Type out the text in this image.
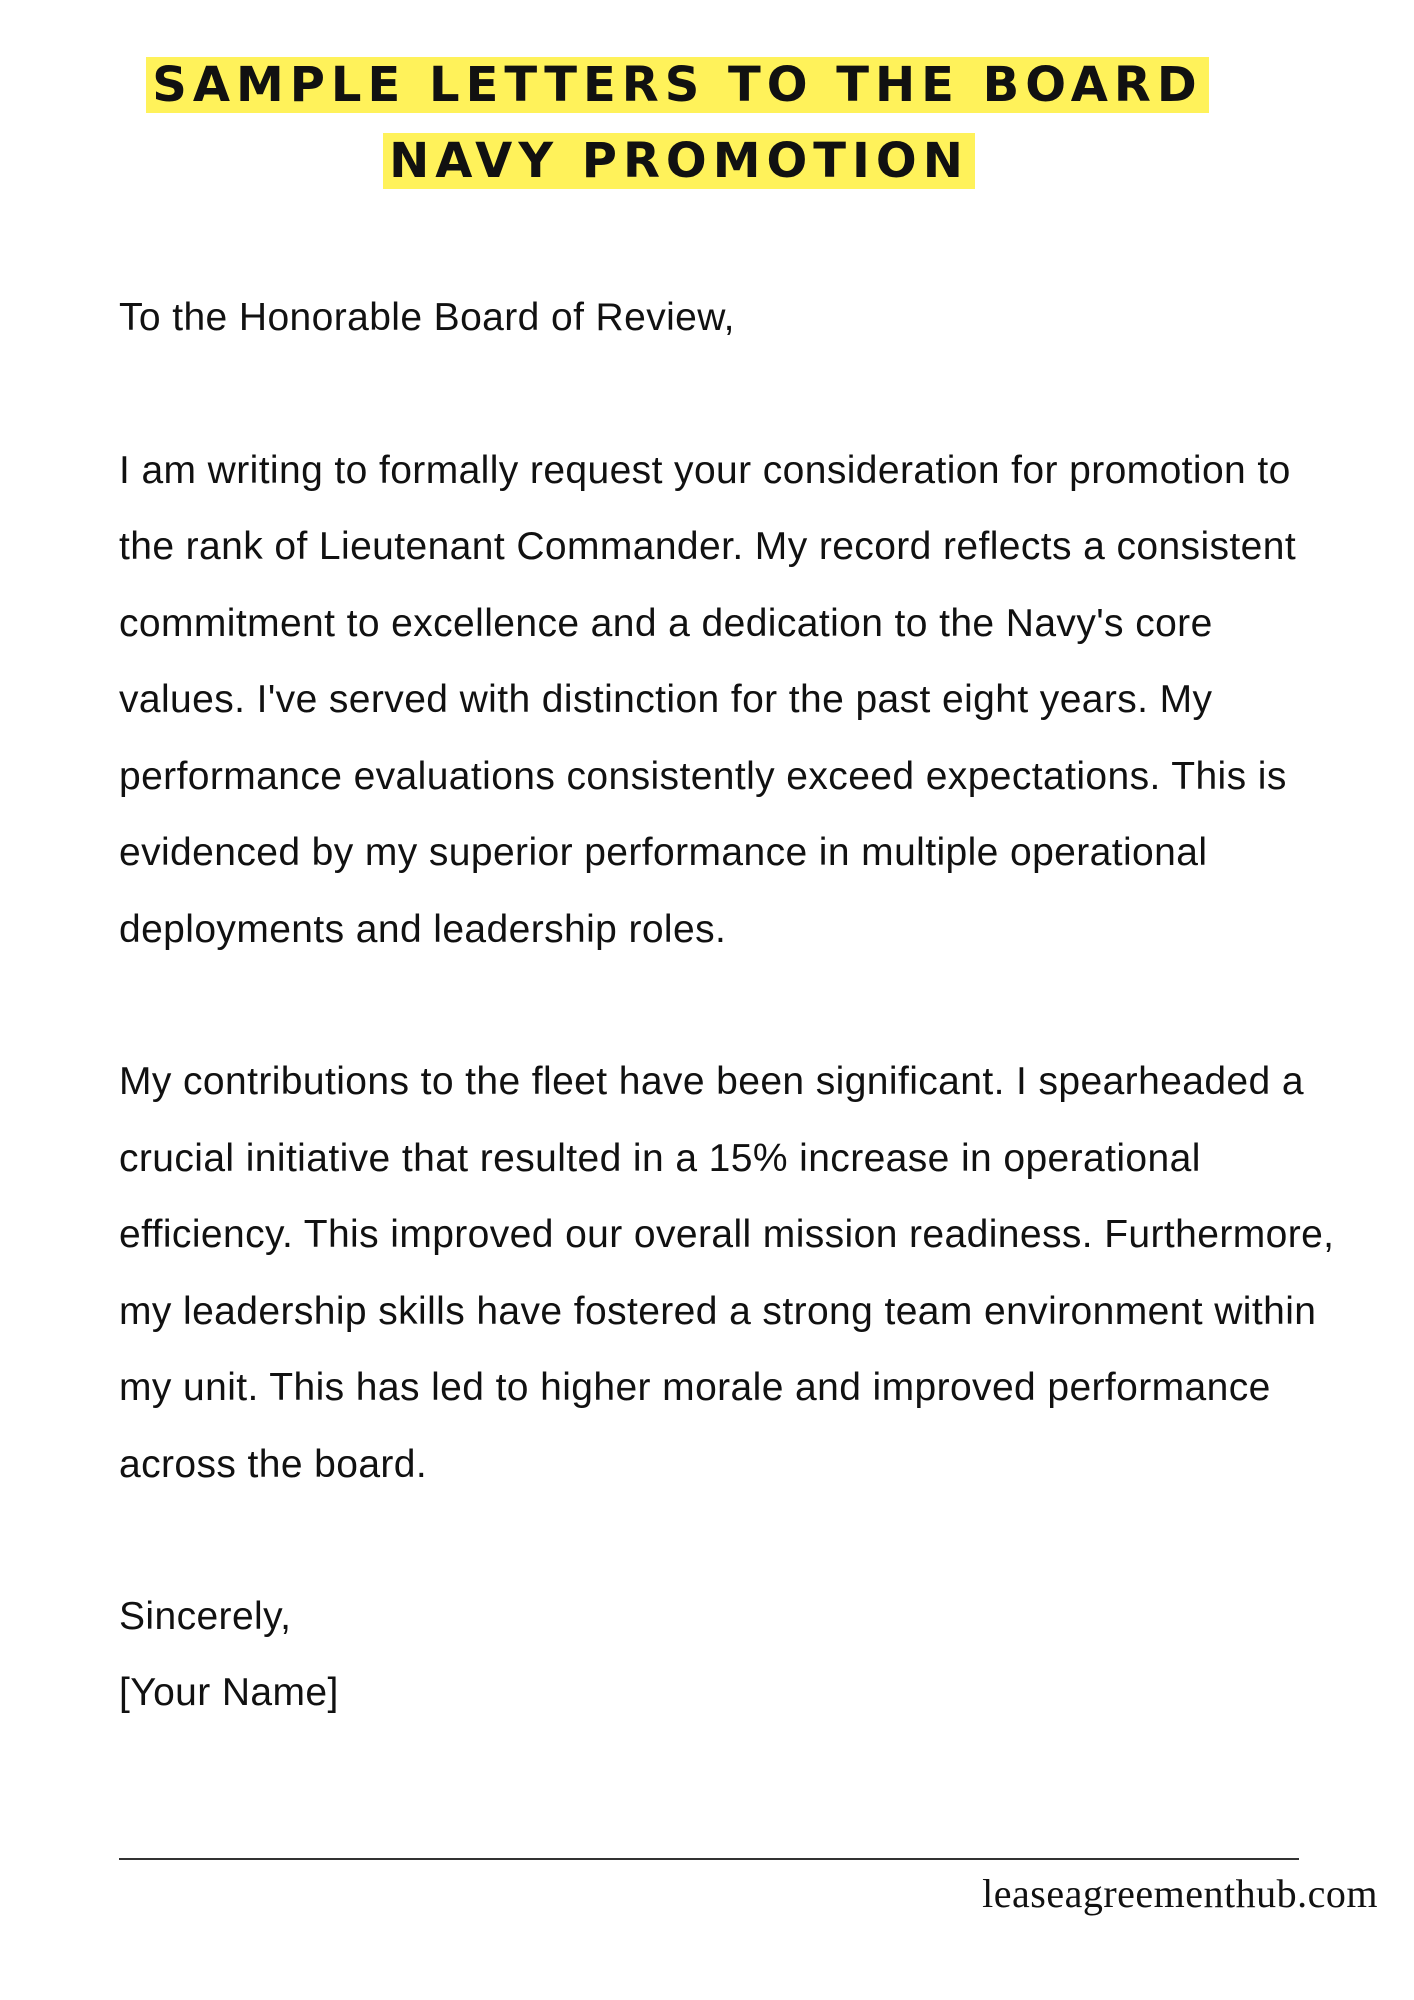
SAMPLE LETTERS TO THE BOARD
NAVY PROMOTION

To the Honorable Board of Review,

I am writing to formally request your consideration for promotion to the rank of Lieutenant Commander. My record reflects a consistent commitment to excellence and a dedication to the Navy's core values. I've served with distinction for the past eight years. My performance evaluations consistently exceed expectations. This is evidenced by my superior performance in multiple operational deployments and leadership roles.

My contributions to the fleet have been significant. I spearheaded a crucial initiative that resulted in a 15% increase in operational efficiency. This improved our overall mission readiness. Furthermore, my leadership skills have fostered a strong team environment within my unit. This has led to higher morale and improved performance across the board.

Sincerely,

[Your Name]

leaseagreementhub.com
